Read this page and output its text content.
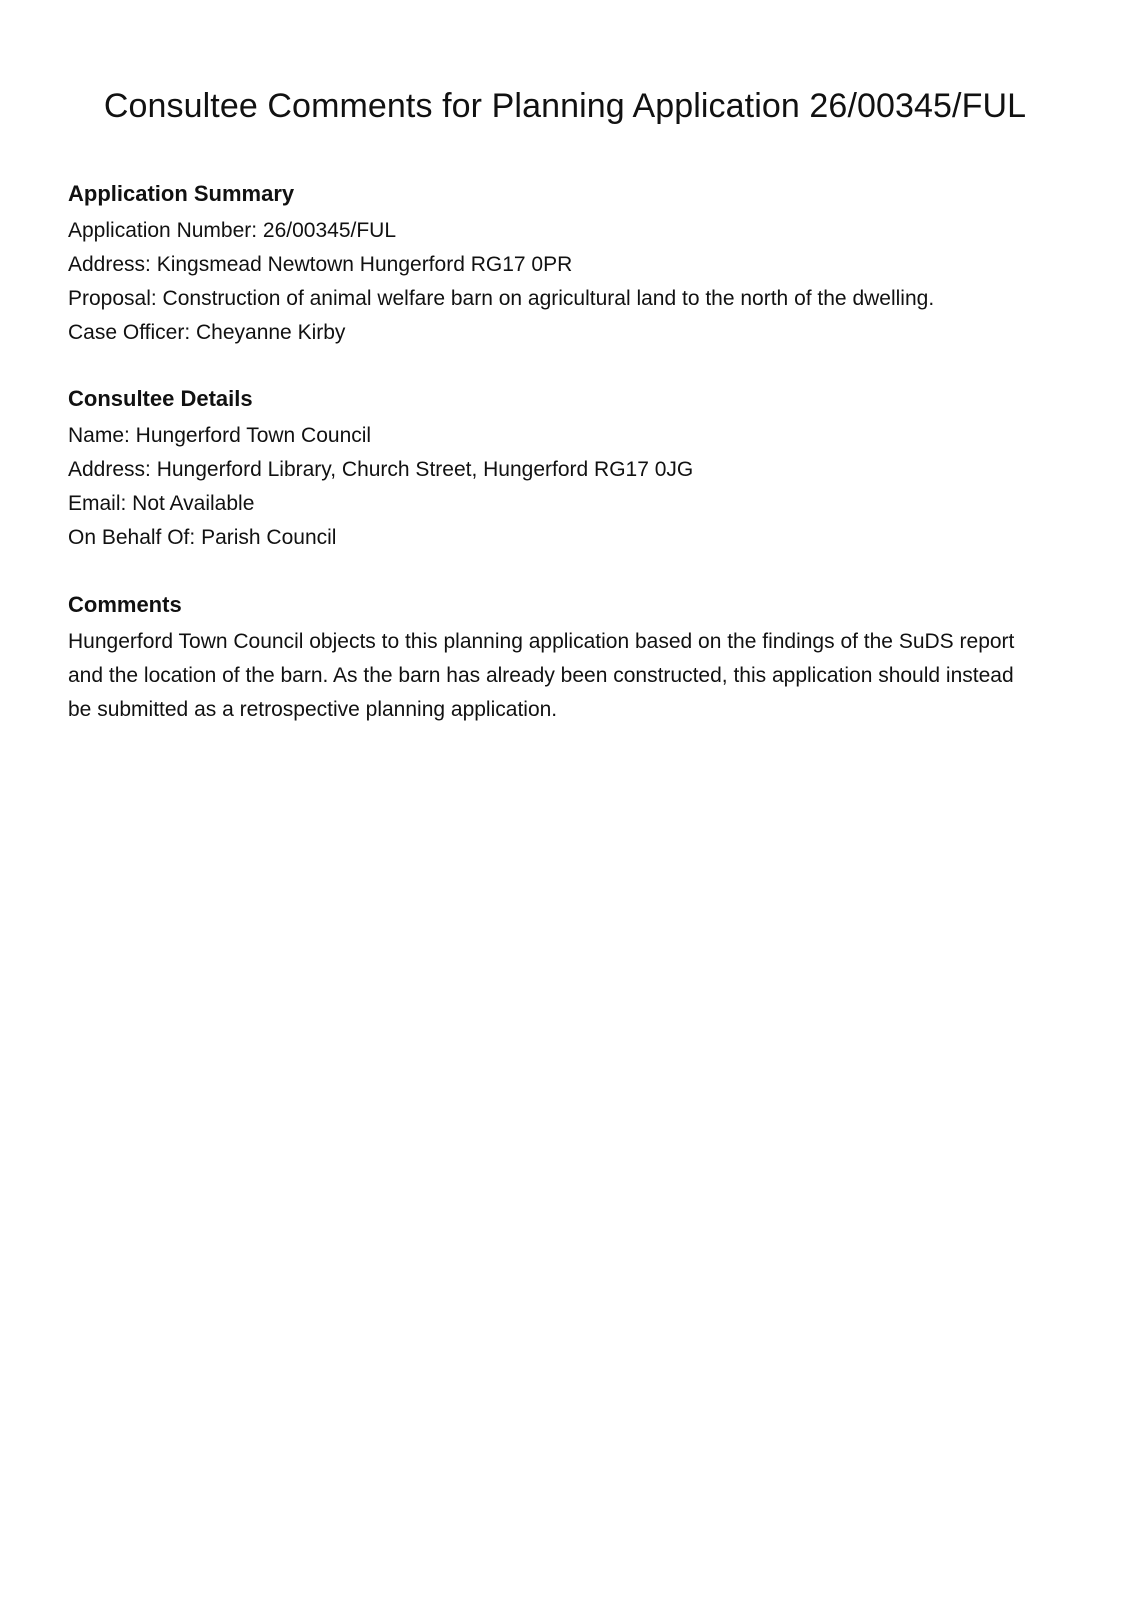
Consultee Comments for Planning Application 26/00345/FUL
Application Summary

Application Number: 26/00345/FUL

Address: Kingsmead Newtown Hungerford RG17 0PR

Proposal: Construction of animal welfare barn on agricultural land to the north of the dwelling.

Case Officer: Cheyanne Kirby

Consultee Details

Name: Hungerford Town Council

Address: Hungerford Library, Church Street, Hungerford RG17 0JG

Email: Not Available

On Behalf Of: Parish Council

Comments

Hungerford Town Council objects to this planning application based on the findings of the SuDS report and the location of the barn. As the barn has already been constructed, this application should instead be submitted as a retrospective planning application.
